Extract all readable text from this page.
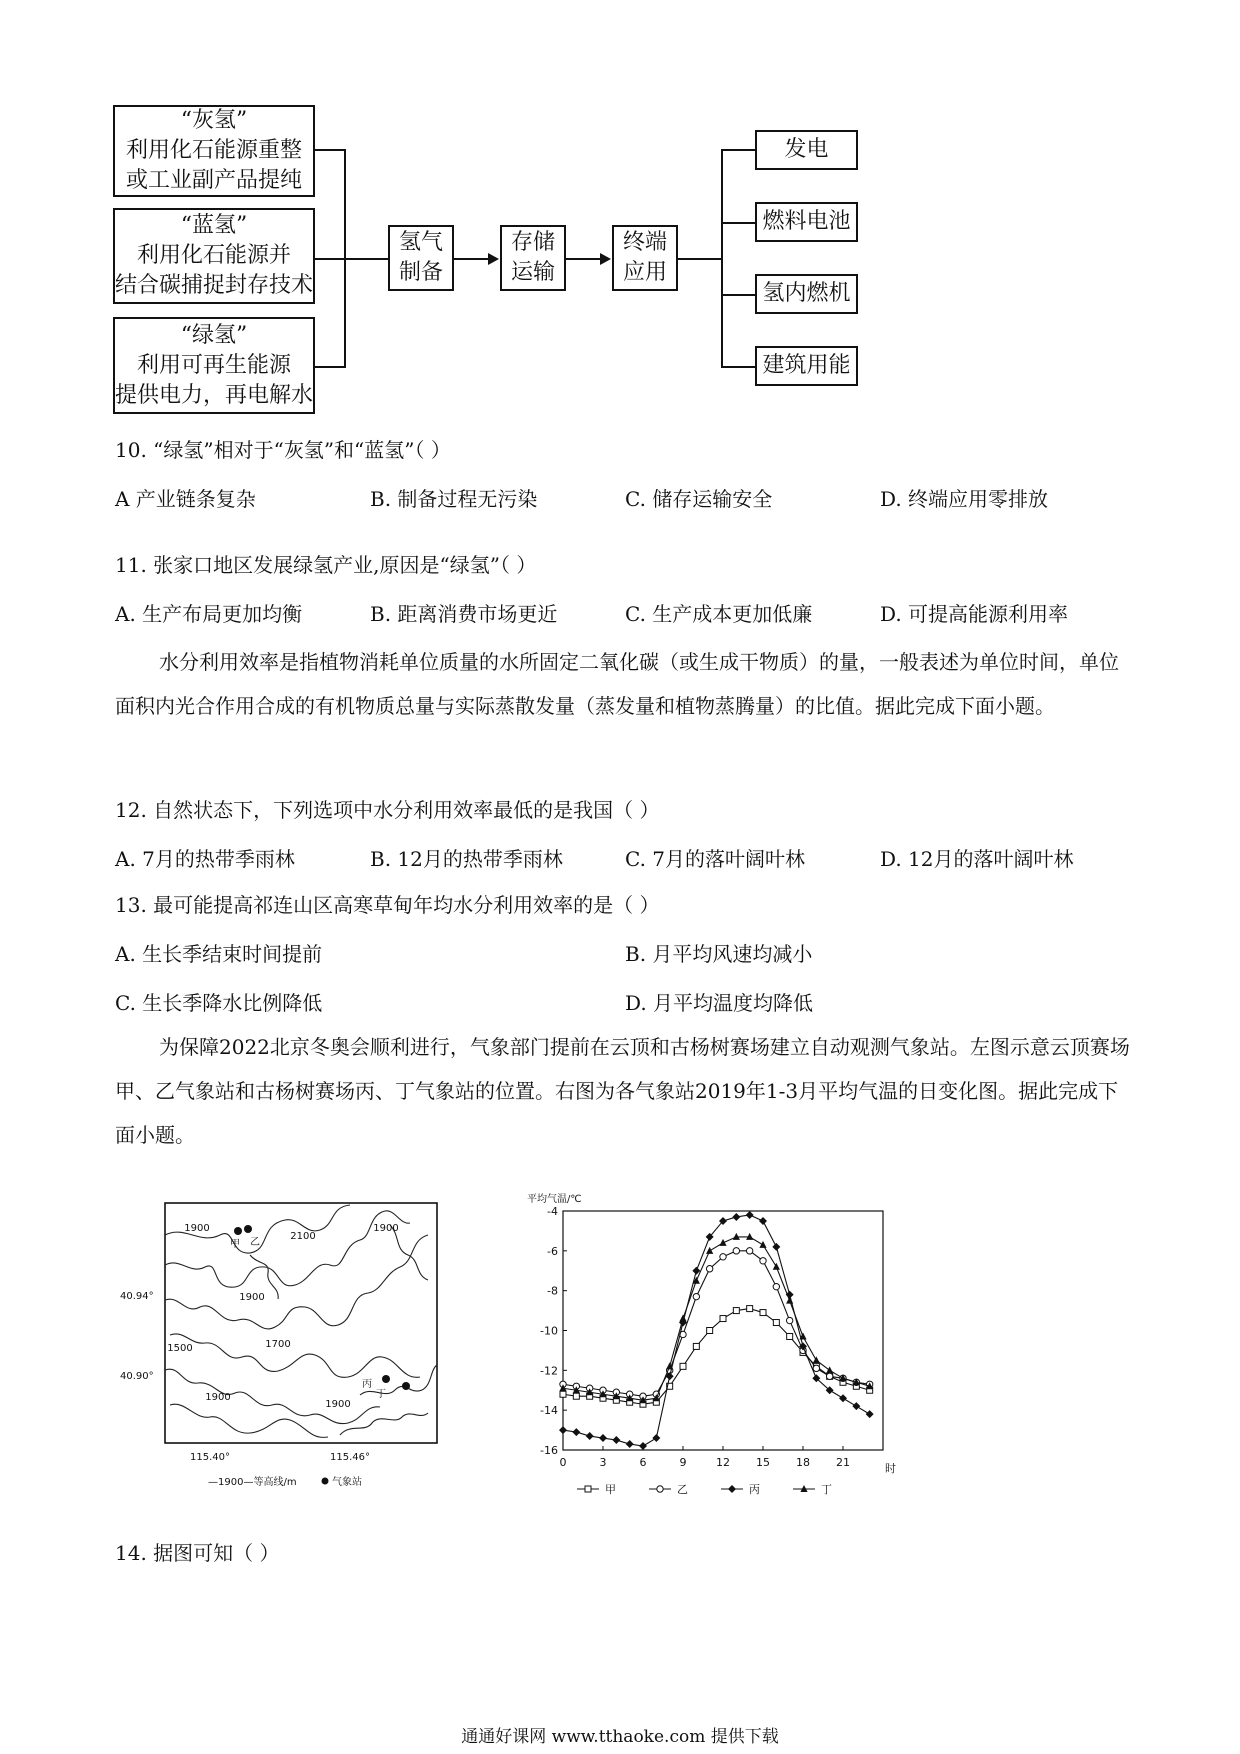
“灰氢”
利用化石能源重整
或工业副产品提纯
“蓝氢”
利用化石能源并
结合碳捕捉封存技术
“绿氢”
利用可再生能源
提供电力，再电解水
氢气
制备
存储
运输
终端
应用
发电
燃料电池
氢内燃机
建筑用能
10. “绿氢”相对于“灰氢”和“蓝氢”（ ）
A 产业链条复杂	B. 制备过程无污染	C. 储存运输安全	D. 终端应用零排放
11. 张家口地区发展绿氢产业,原因是“绿氢”（ ）
A. 生产布局更加均衡	B. 距离消费市场更近	C. 生产成本更加低廉	D. 可提高能源利用率
水分利用效率是指植物消耗单位质量的水所固定二氧化碳（或生成干物质）的量，一般表述为单位时间，单位面积内光合作用合成的有机物质总量与实际蒸散发量（蒸发量和植物蒸腾量）的比值。据此完成下面小题。
12. 自然状态下，下列选项中水分利用效率最低的是我国（ ）
A. 7月的热带季雨林	B. 12月的热带季雨林	C. 7月的落叶阔叶林	D. 12月的落叶阔叶林
13. 最可能提高祁连山区高寒草甸年均水分利用效率的是（ ）
A. 生长季结束时间提前	B. 月平均风速均减小
C. 生长季降水比例降低	D. 月平均温度均降低
为保障2022北京冬奥会顺利进行，气象部门提前在云顶和古杨树赛场建立自动观测气象站。左图示意云顶赛场甲、乙气象站和古杨树赛场丙、丁气象站的位置。右图为各气象站2019年1-3月平均气温的日变化图。据此完成下面小题。
1900
2100
1900
1900
1700
1500
1900
1900
甲 乙
丙
丁
40.94°
40.90°
115.40°	115.46°
—1900—等高线/m	气象站
平均气温/℃
-4
-6
-8
-10
-12
-14
-16
0	3	6	9	12 15 18 21	时
甲	乙	丙	丁
14. 据图可知（ ）
通通好课网 www.tthaoke.com 提供下载
